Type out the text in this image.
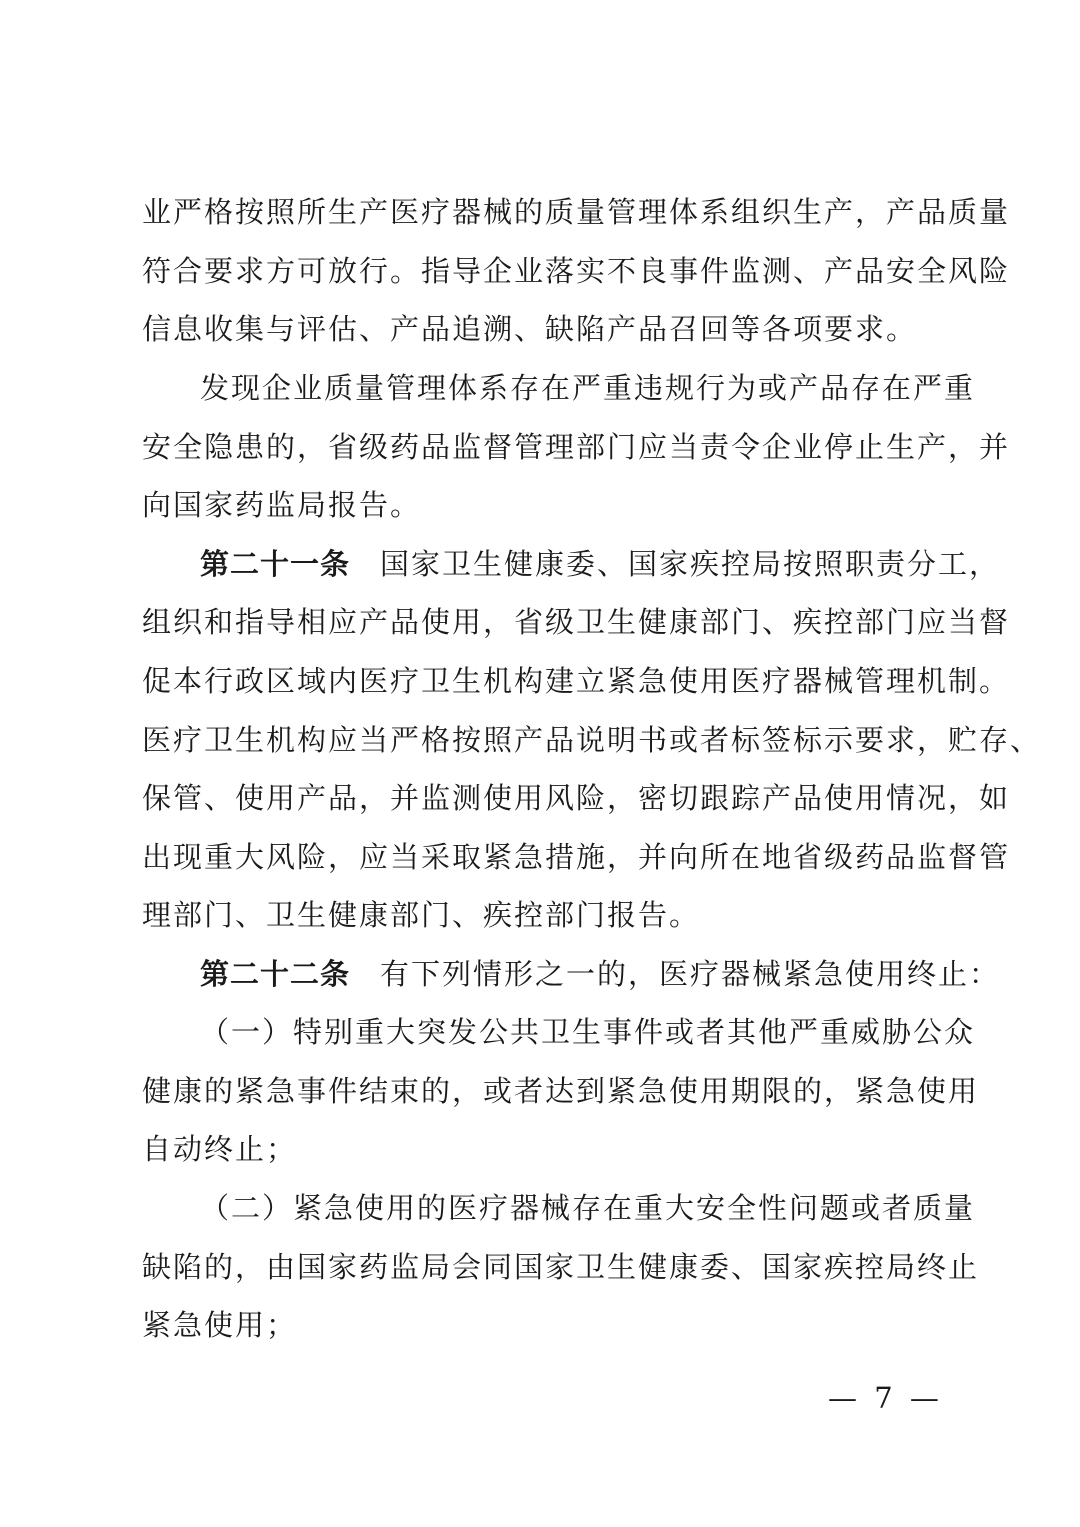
业严格按照所生产医疗器械的质量管理体系组织生产，产品质量
符合要求方可放行。指导企业落实不良事件监测、产品安全风险
信息收集与评估、产品追溯、缺陷产品召回等各项要求。
发现企业质量管理体系存在严重违规行为或产品存在严重
安全隐患的，省级药品监督管理部门应当责令企业停止生产，并
向国家药监局报告。
第二十一条 国家卫生健康委、国家疾控局按照职责分工，
组织和指导相应产品使用，省级卫生健康部门、疾控部门应当督
促本行政区域内医疗卫生机构建立紧急使用医疗器械管理机制。
医疗卫生机构应当严格按照产品说明书或者标签标示要求，贮存、
保管、使用产品，并监测使用风险，密切跟踪产品使用情况，如
出现重大风险，应当采取紧急措施，并向所在地省级药品监督管
理部门、卫生健康部门、疾控部门报告。
第二十二条 有下列情形之一的，医疗器械紧急使用终止：
（一）特别重大突发公共卫生事件或者其他严重威胁公众
健康的紧急事件结束的，或者达到紧急使用期限的，紧急使用
自动终止；
（二）紧急使用的医疗器械存在重大安全性问题或者质量
缺陷的，由国家药监局会同国家卫生健康委、国家疾控局终止
紧急使用；
— 7 —
